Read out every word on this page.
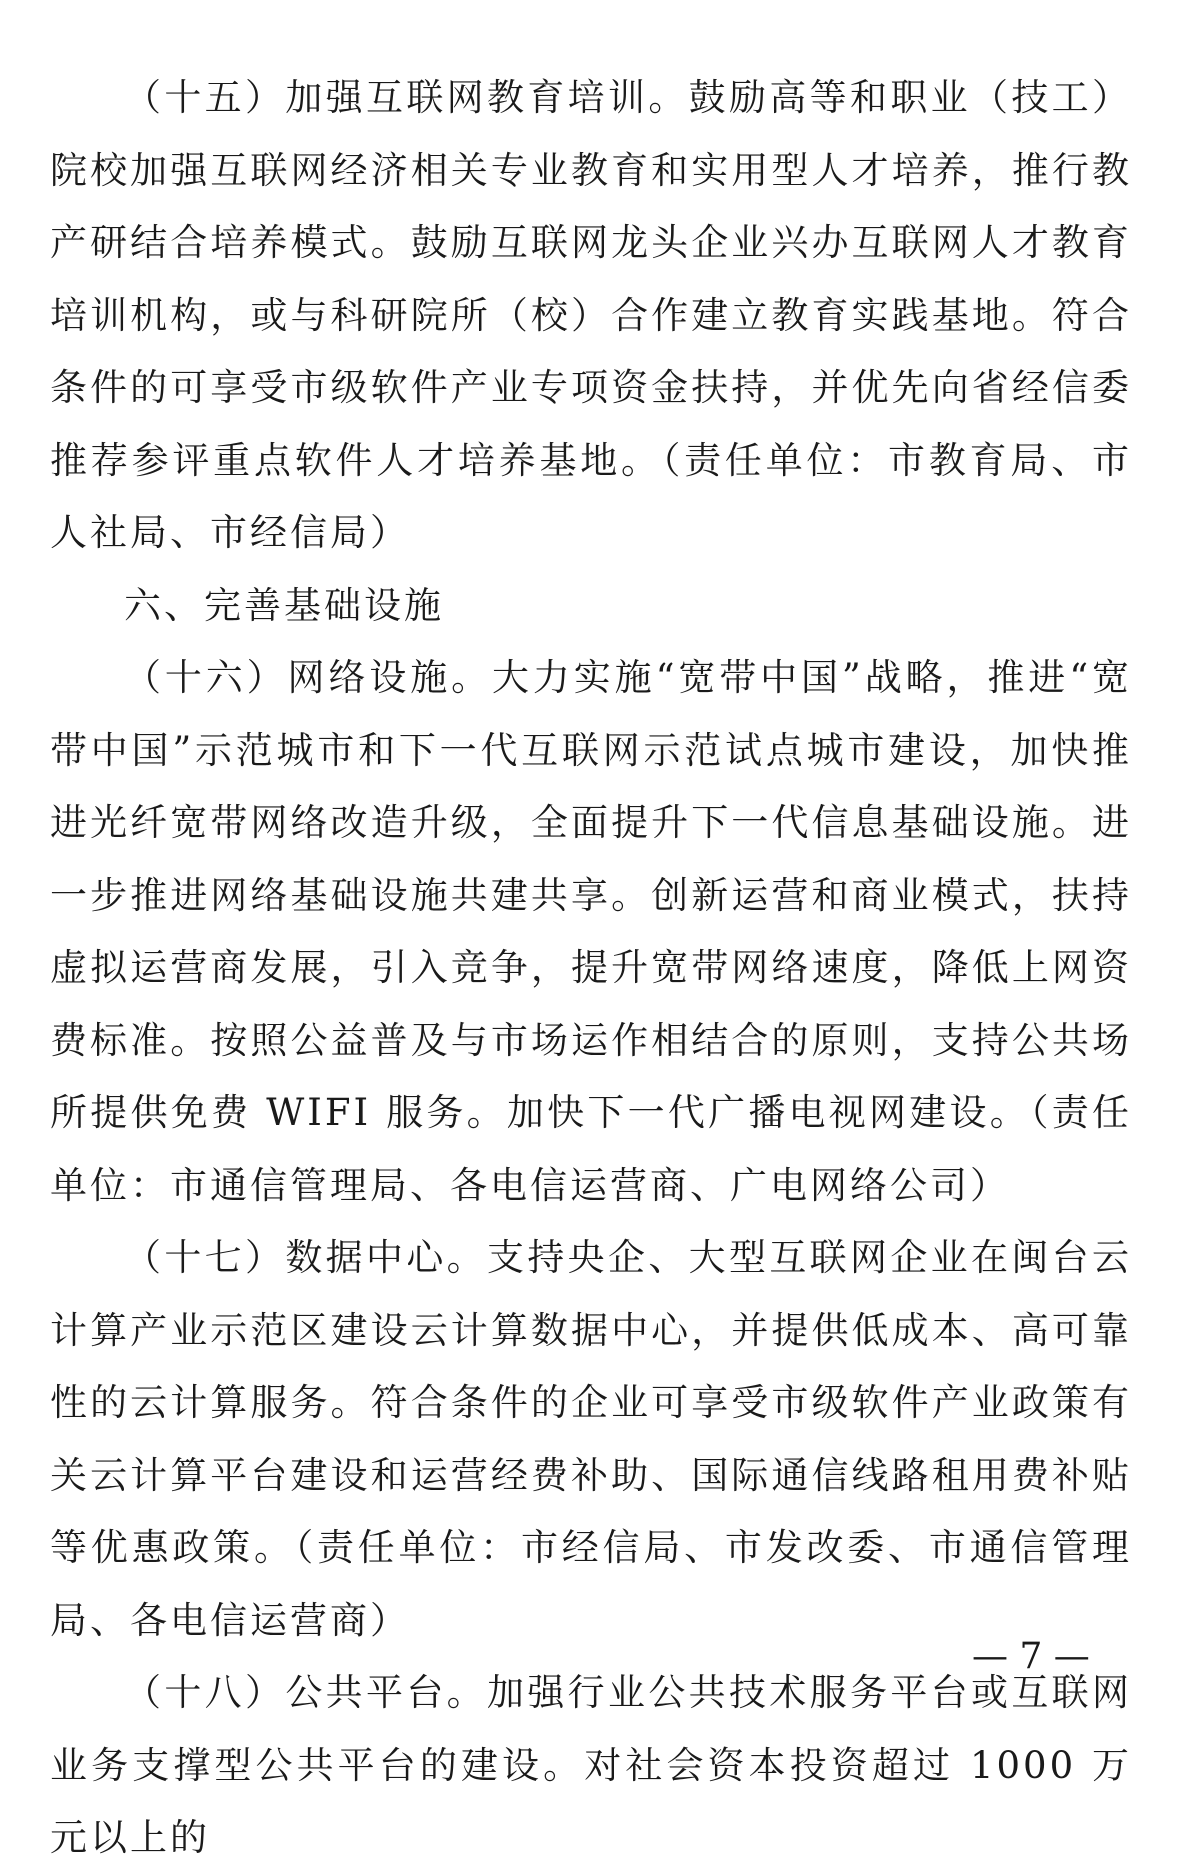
（十五）加强互联网教育培训。鼓励高等和职业（技工）院校加强互联网经济相关专业教育和实用型人才培养，推行教产研结合培养模式。鼓励互联网龙头企业兴办互联网人才教育培训机构，或与科研院所（校）合作建立教育实践基地。符合条件的可享受市级软件产业专项资金扶持，并优先向省经信委推荐参评重点软件人才培养基地。（责任单位：市教育局、市人社局、市经信局）

六、完善基础设施

（十六）网络设施。大力实施“宽带中国”战略，推进“宽带中国”示范城市和下一代互联网示范试点城市建设，加快推进光纤宽带网络改造升级，全面提升下一代信息基础设施。进一步推进网络基础设施共建共享。创新运营和商业模式，扶持虚拟运营商发展，引入竞争，提升宽带网络速度，降低上网资费标准。按照公益普及与市场运作相结合的原则，支持公共场所提供免费 WIFI 服务。加快下一代广播电视网建设。（责任单位：市通信管理局、各电信运营商、广电网络公司）

（十七）数据中心。支持央企、大型互联网企业在闽台云计算产业示范区建设云计算数据中心，并提供低成本、高可靠性的云计算服务。符合条件的企业可享受市级软件产业政策有关云计算平台建设和运营经费补助、国际通信线路租用费补贴等优惠政策。（责任单位：市经信局、市发改委、市通信管理局、各电信运营商）

（十八）公共平台。加强行业公共技术服务平台或互联网业务支撑型公共平台的建设。对社会资本投资超过 1000 万元以上的

— 7 —
